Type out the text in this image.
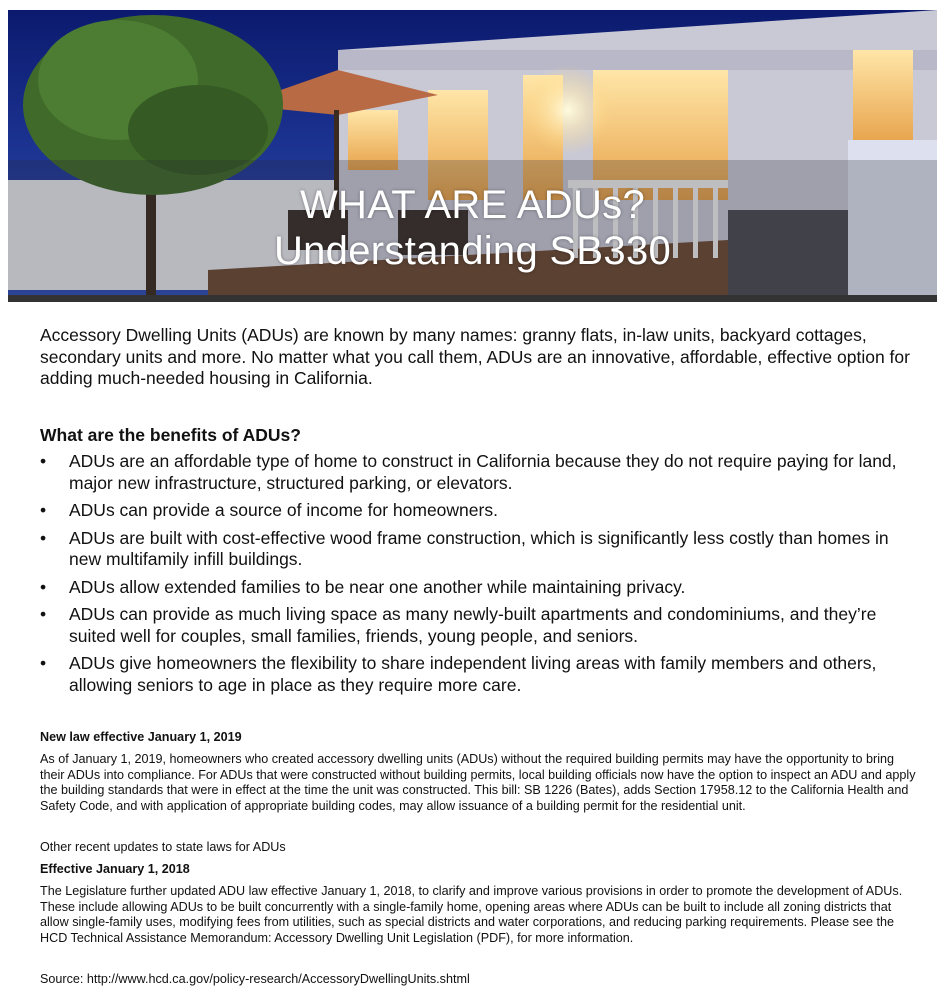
WHAT ARE ADUs?
Understanding SB330
Accessory Dwelling Units (ADUs) are known by many names: granny flats, in-law units, backyard cottages, secondary units and more. No matter what you call them, ADUs are an innovative, affordable, effective option for adding much-needed housing in California.
What are the benefits of ADUs?
• ADUs are an affordable type of home to construct in California because they do not require paying for land, major new infrastructure, structured parking, or elevators.
• ADUs can provide a source of income for homeowners.
• ADUs are built with cost-effective wood frame construction, which is significantly less costly than homes in new multifamily infill buildings.
• ADUs allow extended families to be near one another while maintaining privacy.
• ADUs can provide as much living space as many newly-built apartments and condominiums, and they’re suited well for couples, small families, friends, young people, and seniors.
• ADUs give homeowners the flexibility to share independent living areas with family members and others, allowing seniors to age in place as they require more care.
New law effective January 1, 2019
As of January 1, 2019, homeowners who created accessory dwelling units (ADUs) without the required building permits may have the opportunity to bring their ADUs into compliance. For ADUs that were constructed without building permits, local building officials now have the option to inspect an ADU and apply the building standards that were in effect at the time the unit was constructed. This bill: SB 1226 (Bates), adds Section 17958.12 to the California Health and Safety Code, and with application of appropriate building codes, may allow issuance of a building permit for the residential unit.
Other recent updates to state laws for ADUs
Effective January 1, 2018
The Legislature further updated ADU law effective January 1, 2018, to clarify and improve various provisions in order to promote the development of ADUs. These include allowing ADUs to be built concurrently with a single-family home, opening areas where ADUs can be built to include all zoning districts that allow single-family uses, modifying fees from utilities, such as special districts and water corporations, and reducing parking requirements. Please see the HCD Technical Assistance Memorandum: Accessory Dwelling Unit Legislation (PDF), for more information.
Source: http://www.hcd.ca.gov/policy-research/AccessoryDwellingUnits.shtml
